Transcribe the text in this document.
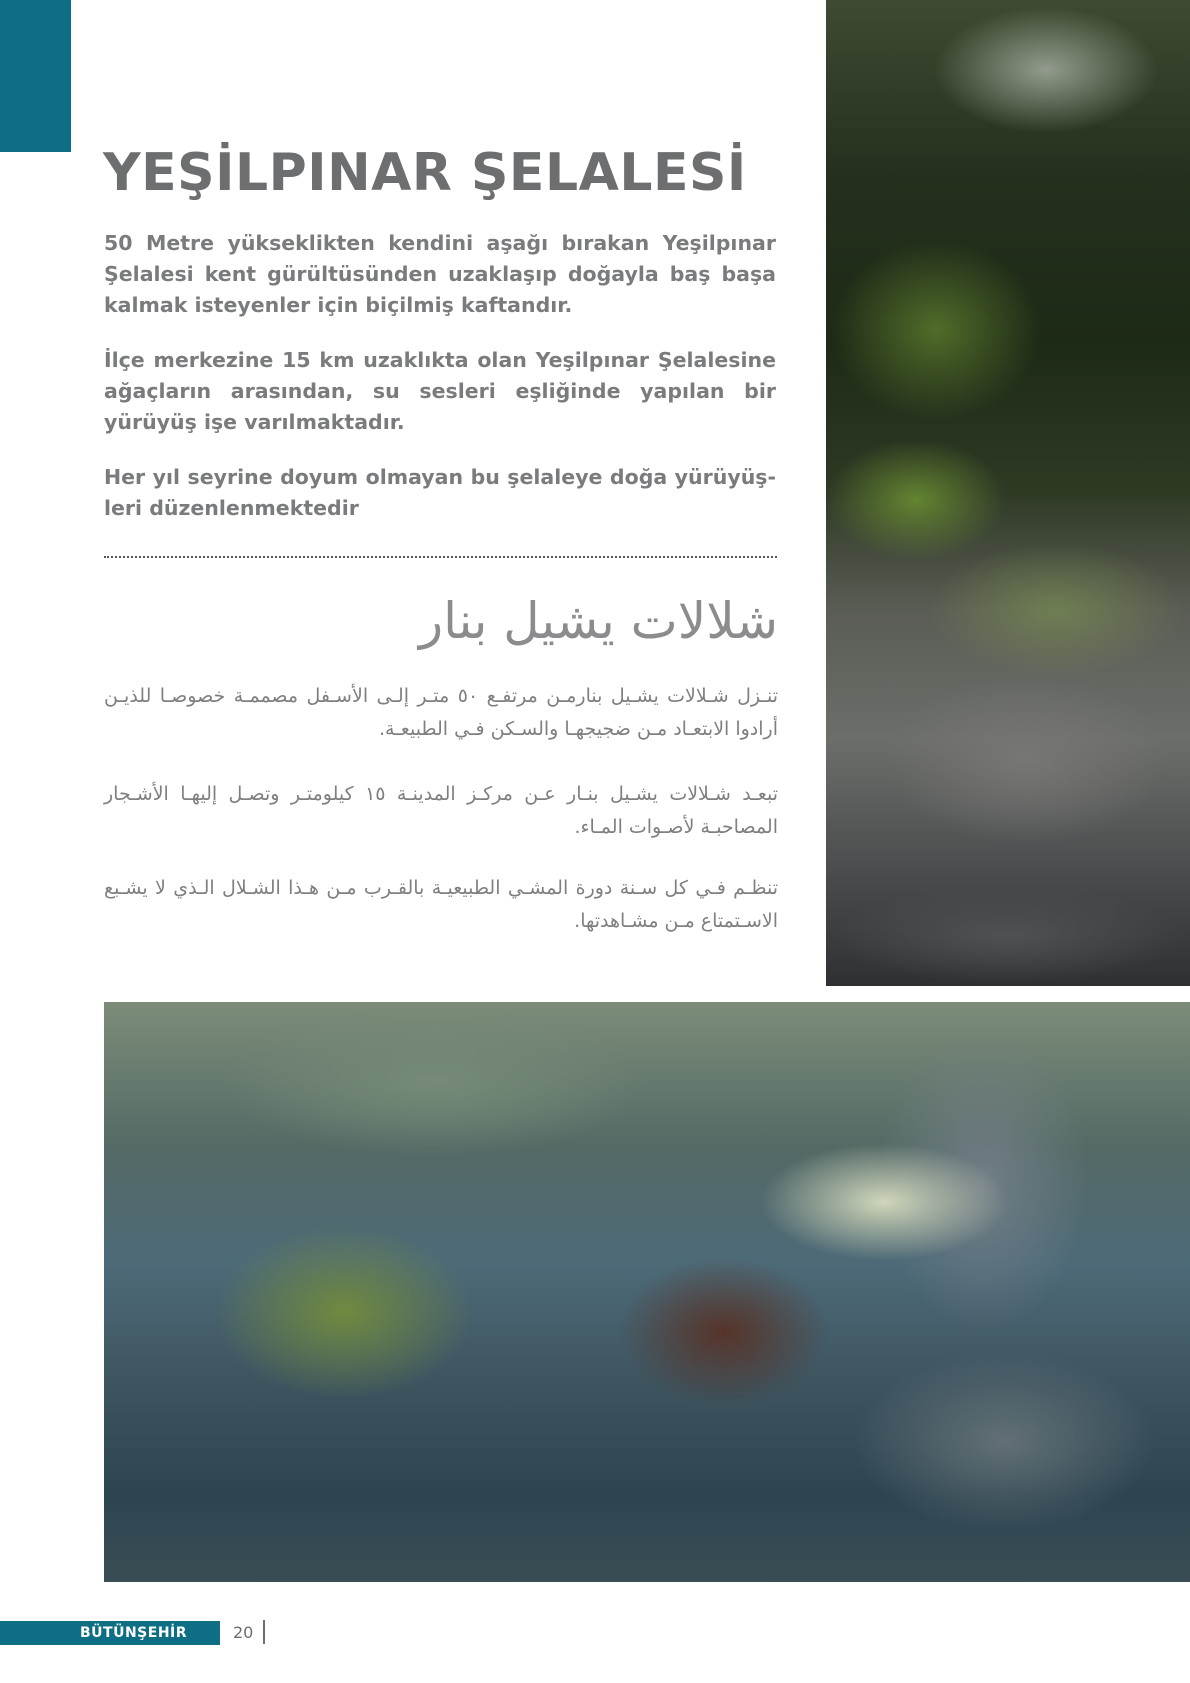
YEŞİLPINAR ŞELALESİ

50 Metre yükseklikten kendini aşağı bırakan Yeşilpınar Şelalesi kent gürültüsünden uzaklaşıp doğayla baş başa kalmak isteyenler için biçilmiş kaftandır.

İlçe merkezine 15 km uzaklıkta olan Yeşilpınar Şelalesine ağaçların arasından, su sesleri eşliğinde yapılan bir yürüyüş işe varılmaktadır.

Her yıl seyrine doyum olmayan bu şelaleye doğa yürüyüş-leri düzenlenmektedir

شلالات يشيل بنار

تنـزل شـلالات يشـيل بنارمـن مرتفـع ٥٠ متـر إلـى الأسـفل مصممـة خصوصـا للذيـن أرادوا الابتعـاد مـن ضجيجهـا والسـكن فـي الطبيعـة.

تبعـد شـلالات يشـيل بنـار عـن مركـز المدينـة ١٥ كيلومتـر وتصـل إليهـا الأشـجار المصاحبـة لأصـوات المـاء.

تنظـم فـي كل سـنة دورة المشـي الطبيعيـة بالقـرب مـن هـذا الشـلال الـذي لا يشـبع الاسـتمتاع مـن مشـاهدتها.

BÜTÜNŞEHİR	20
